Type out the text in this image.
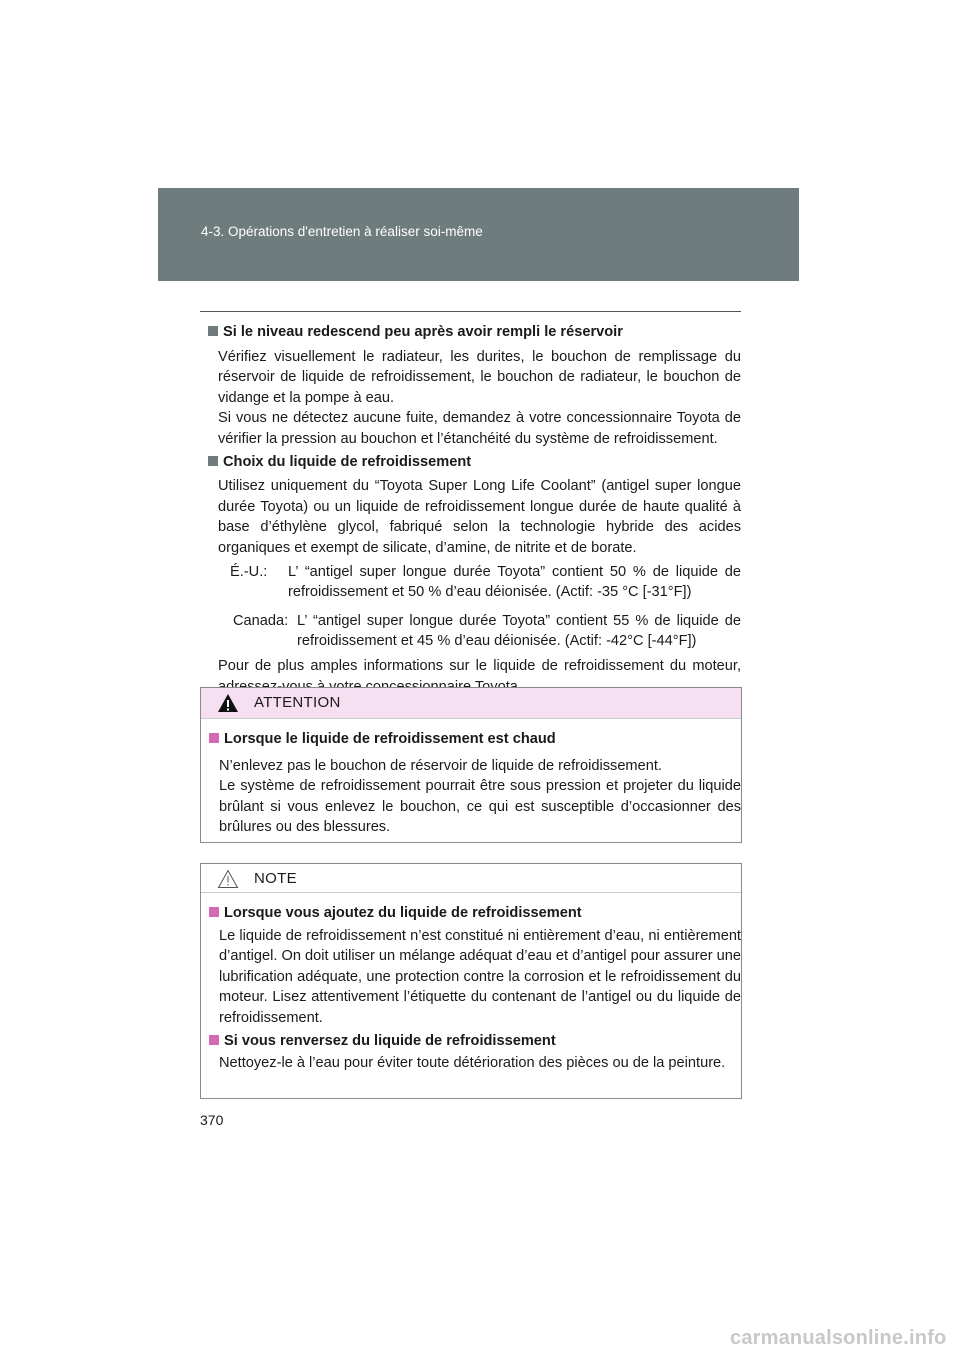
4-3. Opérations d'entretien à réaliser soi-même

Si le niveau redescend peu après avoir rempli le réservoir

Vérifiez visuellement le radiateur, les durites, le bouchon de remplissage du réservoir de liquide de refroidissement, le bouchon de radiateur, le bouchon de vidange et la pompe à eau.

Si vous ne détectez aucune fuite, demandez à votre concessionnaire Toyota de vérifier la pression au bouchon et l’étanchéité du système de refroidissement.

Choix du liquide de refroidissement

Utilisez uniquement du “Toyota Super Long Life Coolant” (antigel super longue durée Toyota) ou un liquide de refroidissement longue durée de haute qualité à base d’éthylène glycol, fabriqué selon la technologie hybride des acides organiques et exempt de silicate, d’amine, de nitrite et de borate.

É.-U.:	L’ “antigel super longue durée Toyota” contient 50 % de liquide de refroidissement et 50 % d’eau déionisée. (Actif: -35 °C [-31°F])
Canada: L’ “antigel super longue durée Toyota” contient 55 % de liquide de refroidissement et 45 % d’eau déionisée. (Actif: -42°C [-44°F])

Pour de plus amples informations sur le liquide de refroidissement du moteur,

ATTENTION

Lorsque le liquide de refroidissement est chaud

N’enlevez pas le bouchon de réservoir de liquide de refroidissement.

Le système de refroidissement pourrait être sous pression et projeter du liquide brûlant si vous enlevez le bouchon, ce qui est susceptible d’occasionner des brûlures ou des blessures.

NOTE

Lorsque vous ajoutez du liquide de refroidissement

Le liquide de refroidissement n’est constitué ni entièrement d’eau, ni entièrement d’antigel. On doit utiliser un mélange adéquat d’eau et d’antigel pour assurer une lubrification adéquate, une protection contre la corrosion et le refroidissement du moteur. Lisez attentivement l’étiquette du contenant de l’antigel ou du liquide de refroidissement.

Si vous renversez du liquide de refroidissement

Nettoyez-le à l’eau pour éviter toute détérioration des pièces ou de la peinture.

370
carmanualsonline.info
